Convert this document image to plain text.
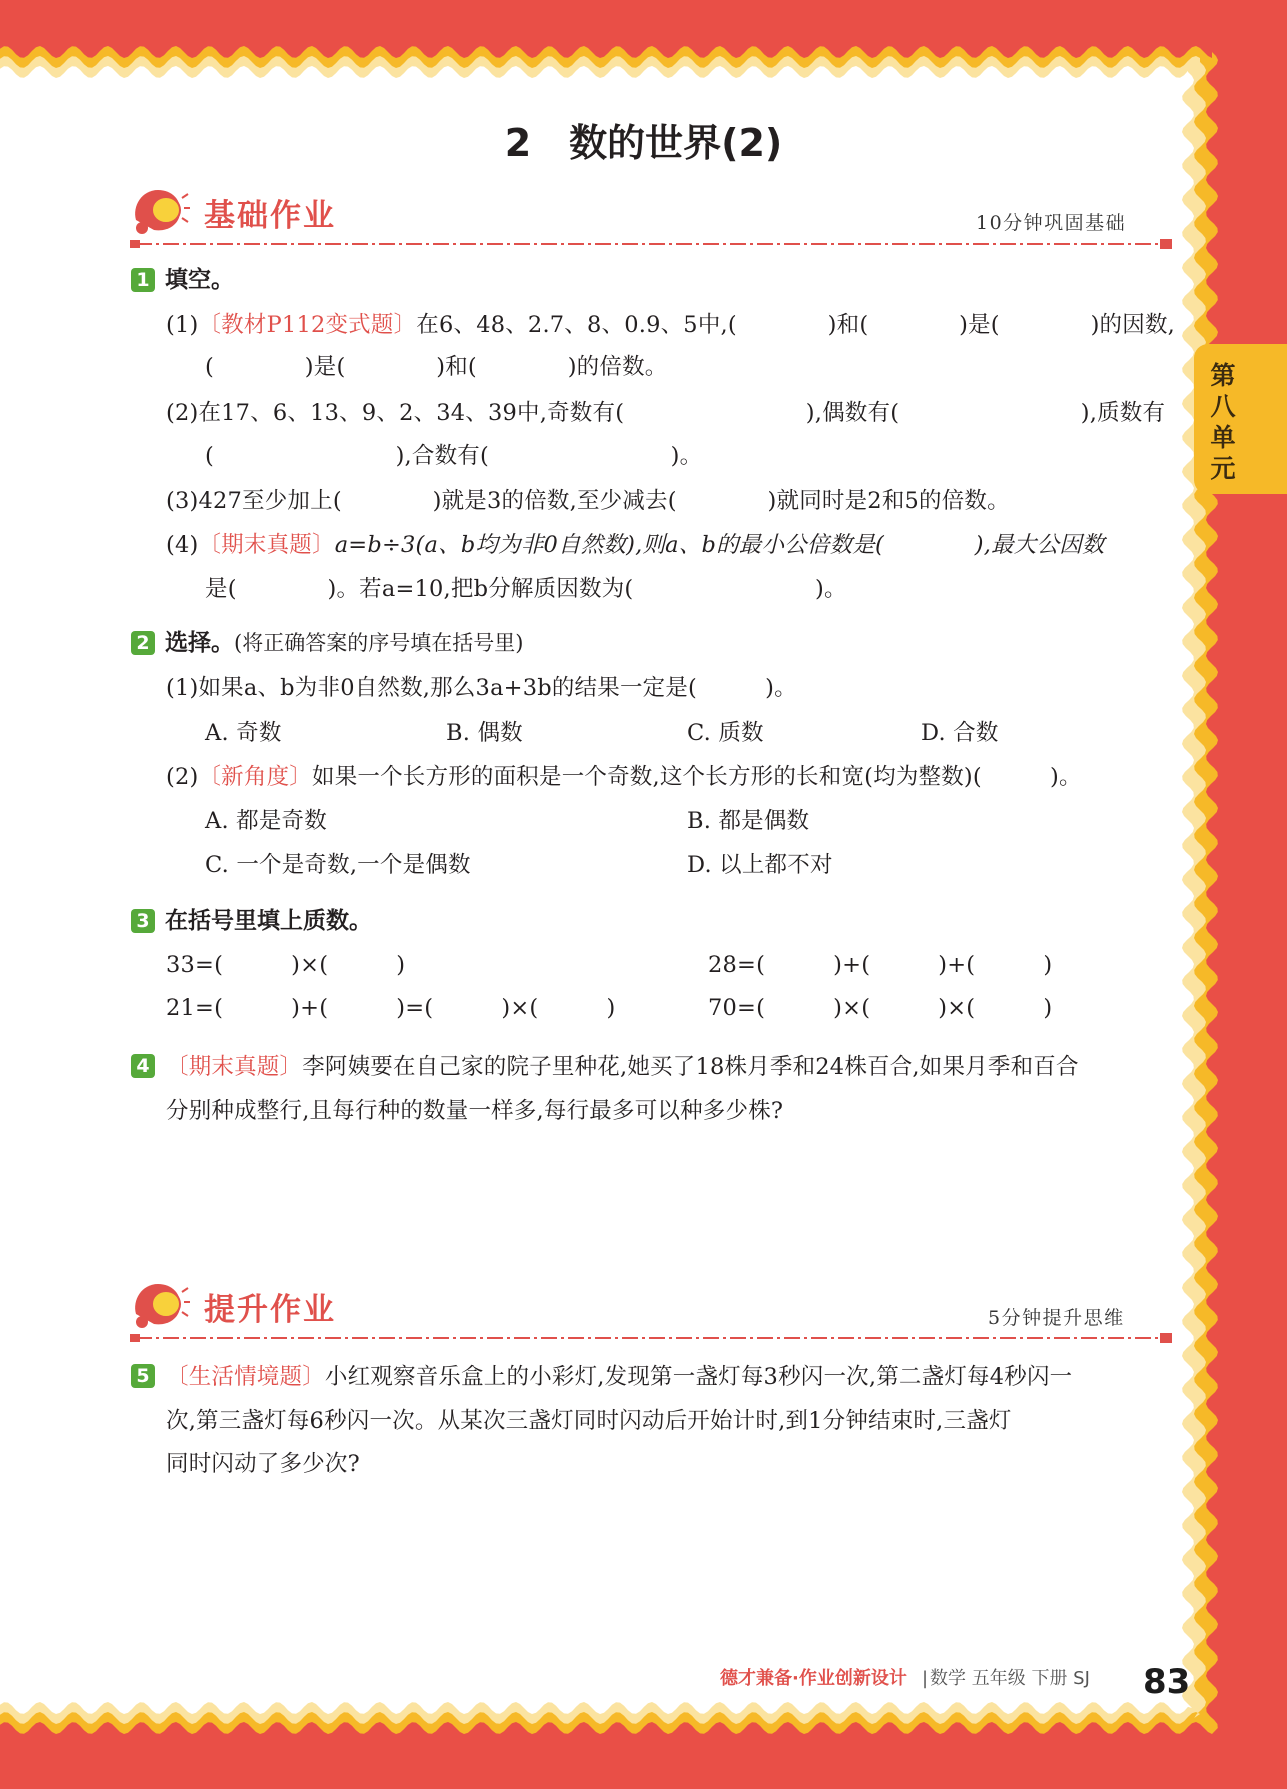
2　数的世界(2)
第八单元
基础作业	10分钟巩固基础
1 填空。
(1)〔教材P112变式题〕在6、48、2.7、8、0.9、5中,(　　　　)和(　　　　)是(　　　　)的因数,
(　　　　)是(　　　　)和(　　　　)的倍数。
(2)在17、6、13、9、2、34、39中,奇数有(　　　　　　　　),偶数有(　　　　　　　　),质数有
(　　　　　　　　),合数有(　　　　　　　　)。
(3)427至少加上(　　　　)就是3的倍数,至少减去(　　　　)就同时是2和5的倍数。
(4)〔期末真题〕a=b÷3(a、b均为非0自然数),则a、b的最小公倍数是(　　　　),最大公因数
是(　　　　)。若a=10,把b分解质因数为(　　　　　　　　)。
2 选择。(将正确答案的序号填在括号里)
(1)如果a、b为非0自然数,那么3a+3b的结果一定是(　　　)。
A. 奇数	B. 偶数	C. 质数	D. 合数
(2)〔新角度〕如果一个长方形的面积是一个奇数,这个长方形的长和宽(均为整数)(　　　)。
A. 都是奇数	B. 都是偶数
C. 一个是奇数,一个是偶数	D. 以上都不对
3 在括号里填上质数。
33=(　　　)×(　　　)	28=(　　　)+(　　　)+(　　　)
21=(　　　)+(　　　)=(　　　)×(　　　)	70=(　　　)×(　　　)×(　　　)
4 〔期末真题〕李阿姨要在自己家的院子里种花,她买了18株月季和24株百合,如果月季和百合
分别种成整行,且每行种的数量一样多,每行最多可以种多少株?
提升作业	5分钟提升思维
5 〔生活情境题〕小红观察音乐盒上的小彩灯,发现第一盏灯每3秒闪一次,第二盏灯每4秒闪一
次,第三盏灯每6秒闪一次。从某次三盏灯同时闪动后开始计时,到1分钟结束时,三盏灯
同时闪动了多少次?
德才兼备·作业创新设计 | 数学 五年级 下册 SJ 83
